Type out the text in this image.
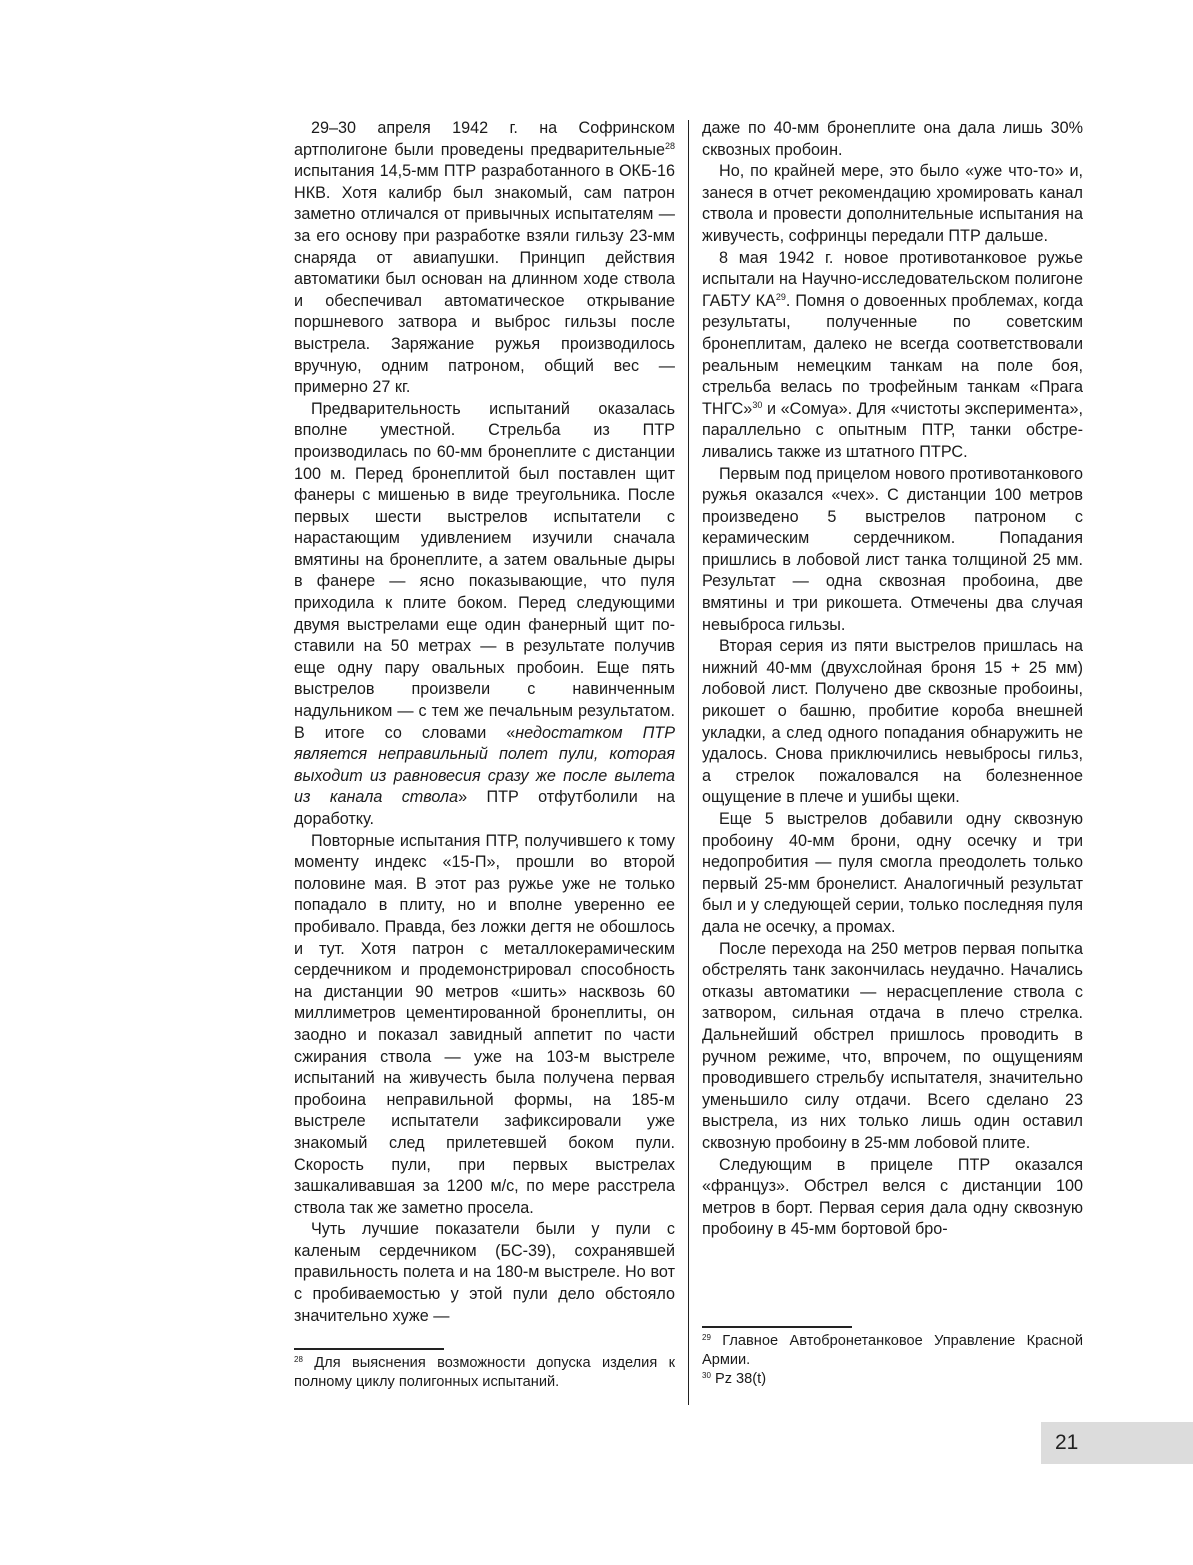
29–30 апреля 1942 г. на Софринском артполигоне были проведены предварительные$^{28}$ испытания 14,5-мм ПТР разработанного в ОКБ-16 НКВ. Хотя калибр был знакомый, сам патрон заметно отличался от привычных испытателям — за его основу при разработке взяли гильзу 23-мм снаряда от авиапушки. Принцип действия автоматики был основан на длинном ходе ствола и обеспечивал автоматическое открывание поршневого затвора и выброс гильзы после выстрела. Заряжание ружья производилось вручную, одним патроном, общий вес — примерно 27 кг.

Предварительность испытаний оказалась вполне уместной. Стрельба из ПТР производилась по 60-мм бронеплите с дистанции 100 м. Перед бронеплитой был поставлен щит фанеры с мишенью в виде треугольника. После первых шести выстрелов испытатели с нарастающим удивлением изучили сначала вмятины на бронеплите, а затем овальные дыры в фанере — ясно показывающие, что пуля приходила к плите боком. Перед следующими двумя выстрелами еще один фанерный щит поставили на 50 метрах — в результате получив еще одну пару овальных пробоин. Еще пять выстрелов произвели с навинченным надульником — с тем же печальным результатом. В итоге со словами «недостатком ПТР является неправильный полет пули, которая выходит из равновесия сразу же после вылета из канала ствола» ПТР отфутболили на доработку.

Повторные испытания ПТР, получившего к тому моменту индекс «15-П», прошли во второй половине мая. В этот раз ружье уже не только попадало в плиту, но и вполне уверенно ее пробивало. Правда, без ложки дегтя не обошлось и тут. Хотя патрон с металлокерамическим сердечником и продемонстрировал способность на дистанции 90 метров «шить» насквозь 60 миллиметров цементированной бронеплиты, он заодно и показал завидный аппетит по части сжирания ствола — уже на 103-м выстреле испытаний на живучесть была получена первая пробоина неправильной формы, на 185-м выстреле испытатели зафиксировали уже знакомый след прилетевшей боком пули. Скорость пули, при первых выстрелах зашкаливавшая за 1200 м/с, по мере расстрела ствола так же заметно просела.

Чуть лучшие показатели были у пули с каленым сердечником (БС-39), сохранявшей правильность полета и на 180-м выстреле. Но вот с пробиваемостью у этой пули дело обстояло значительно хуже —

даже по 40-мм бронеплите она дала лишь 30% сквозных пробоин.

Но, по крайней мере, это было «уже что-то» и, занеся в отчет рекомендацию хромировать канал ствола и провести дополнительные испытания на живучесть, софринцы передали ПТР дальше.

8 мая 1942 г. новое противотанковое ружье испытали на Научно-исследовательском полигоне ГАБТУ КА$^{29}$. Помня о довоенных проблемах, когда результаты, полученные по советским бронеплитам, далеко не всегда соответствовали реальным немецким танкам на поле боя, стрельба велась по трофейным танкам «Прага ТНГС»$^{30}$ и «Сомуа». Для «чистоты эксперимента», параллельно с опытным ПТР, танки обстреливались также из штатного ПТРС.

Первым под прицелом нового противотанкового ружья оказался «чех». С дистанции 100 метров произведено 5 выстрелов патроном с керамическим сердечником. Попадания пришлись в лобовой лист танка толщиной 25 мм. Результат — одна сквозная пробоина, две вмятины и три рикошета. Отмечены два случая невыброса гильзы.

Вторая серия из пяти выстрелов пришлась на нижний 40-мм (двухслойная броня 15 + 25 мм) лобовой лист. Получено две сквозные пробоины, рикошет о башню, пробитие короба внешней укладки, а след одного попадания обнаружить не удалось. Снова приключились невыбросы гильз, а стрелок пожаловался на болезненное ощущение в плече и ушибы щеки.

Еще 5 выстрелов добавили одну сквозную пробоину 40-мм брони, одну осечку и три недопробития — пуля смогла преодолеть только первый 25-мм бронелист. Аналогичный результат был и у следующей серии, только последняя пуля дала не осечку, а промах.

После перехода на 250 метров первая попытка обстрелять танк закончилась неудачно. Начались отказы автоматики — нерасцепление ствола с затвором, сильная отдача в плечо стрелка. Дальнейший обстрел пришлось проводить в ручном режиме, что, впрочем, по ощущениям проводившего стрельбу испытателя, значительно уменьшило силу отдачи. Всего сделано 23 выстрела, из них только лишь один оставил сквозную пробоину в 25-мм лобовой плите.

Следующим в прицеле ПТР оказался «француз». Обстрел велся с дистанции 100 метров в борт. Первая серия дала одну сквозную пробоину в 45-мм бортовой бро-

$^{28}$ Для выяснения возможности допуска изделия к полному циклу полигонных испытаний.

$^{29}$ Главное Автобронетанковое Управление Красной Армии.

$^{30}$ Pz 38(t)

21
